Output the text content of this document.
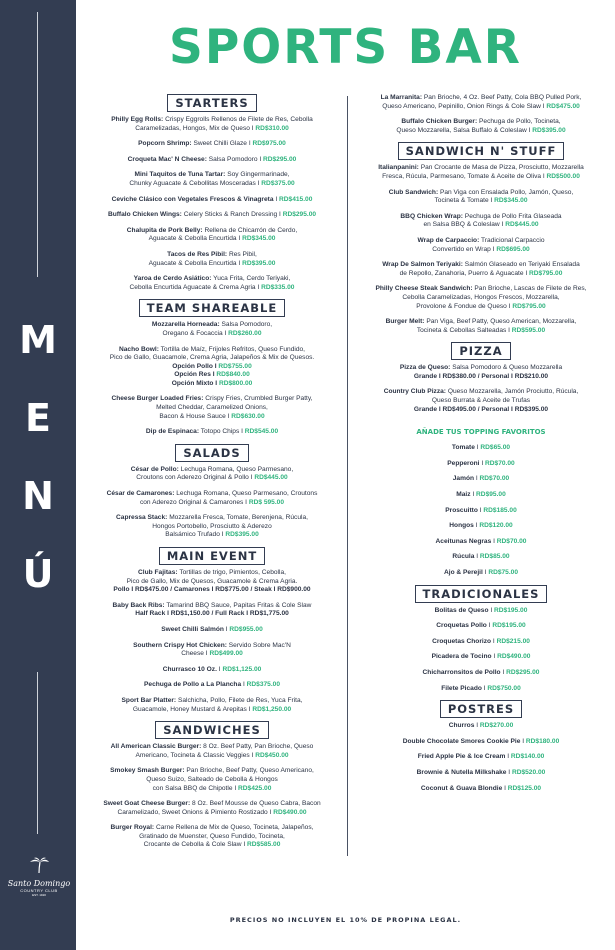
M
E
N
Ú
Santo Domingo
COUNTRY CLUB
EST. 1920
SPORTS BAR
STARTERS
Philly Egg Rolls: Crispy Eggrolls Rellenos de Filete de Res, Cebolla
Caramelizadas, Hongos, Mix de Queso I RD$310.00
Popcorn Shrimp: Sweet Chilli Glaze I RD$975.00
Croqueta Mac' N Cheese: Salsa Pomodoro I RD$295.00
Mini Taquitos de Tuna Tartar: Soy Gingermarinade,
Chunky Aguacate & Cebollitas Mosceradas I RD$375.00
Ceviche Clásico con Vegetales Frescos & Vinagreta I RD$415.00
Buffalo Chicken Wings: Celery Sticks & Ranch Dressing I RD$295.00
Chalupita de Pork Belly: Rellena de Chicarrón de Cerdo,
Aguacate & Cebolla Encurtida I RD$345.00
Tacos de Res Pibil: Res Pibil,
Aguacate & Cebolla Encurtida I RD$395.00
Yaroa de Cerdo Asiático: Yuca Frita, Cerdo Teriyaki,
Cebolla Encurtida Aguacate & Crema Agria I RD$335.00
TEAM SHAREABLE
Mozzarella Horneada: Salsa Pomodoro,
Oregano & Focaccia I RD$260.00
Nacho Bowl: Tortilla de Maíz, Frijoles Refritos, Queso Fundido,
Pico de Gallo, Guacamole, Crema Agria, Jalapeños & Mix de Quesos.
Opción Pollo I RD$755.00
Opción Res I RD$840.00
Opción Mixto I RD$800.00
Cheese Burger Loaded Fries: Crispy Fries, Crumbled Burger Patty,
Melted Cheddar, Caramelized Onions,
Bacon & House Sauce I RD$630.00
Dip de Espinaca: Totopo Chips I RD$545.00
SALADS
César de Pollo: Lechuga Romana, Queso Parmesano,
Croutons con Aderezo Original & Pollo I RD$445.00
César de Camarones: Lechuga Romana, Queso Parmesano, Croutons
con Aderezo Original & Camarones I RD$ 595.00
Capressa Stack: Mozzarella Fresca, Tomate, Berenjena, Rúcula,
Hongos Portobello, Prosciutto & Aderezo
Balsámico Trufado I RD$395.00
MAIN EVENT
Club Fajitas: Tortillas de trigo, Pimientos, Cebolla,
Pico de Gallo, Mix de Quesos, Guacamole & Crema Agria.
Pollo I RD$475.00 / Camarones I RD$775.00 / Steak I RD$900.00
Baby Back Ribs: Tamarind BBQ Sauce, Papitas Fritas & Cole Slaw
Half Rack I RD$1,150.00 / Full Rack I RD$1,775.00
Sweet Chilli Salmón I RD$955.00
Southern Crispy Hot Chicken: Servido Sobre Mac'N
Cheese I RD$499.00
Churrasco 10 Oz. I RD$1,125.00
Pechuga de Pollo a La Plancha I RD$375.00
Sport Bar Platter: Salchicha, Pollo, Filete de Res, Yuca Frita,
Guacamole, Honey Mustard & Arepitas I RD$1,250.00
SANDWICHES
All American Classic Burger: 8 Oz. Beef Patty, Pan Brioche, Queso
Americano, Tocineta & Classic Veggies I RD$450.00
Smokey Smash Burger: Pan Brioche, Beef Patty, Queso Americano,
Queso Suizo, Salteado de Cebolla & Hongos
con Salsa BBQ de Chipotle I RD$425.00
Sweet Goat Cheese Burger: 8 Oz. Beef Mousse de Queso Cabra, Bacon
Caramelizado, Sweet Onions & Pimiento Rostizado I RD$490.00
Burger Royal: Carne Rellena de Mix de Queso, Tocineta, Jalapeños,
Gratinado de Muenster, Queso Fundido, Tocineta,
Crocante de Cebolla & Cole Slaw I RD$585.00
La Marranita: Pan Brioche, 4 Oz. Beef Patty, Cola BBQ Pulled Pork,
Queso Americano, Pepinillo, Onion Rings & Cole Slaw I RD$475.00
Buffalo Chicken Burger: Pechuga de Pollo, Tocineta,
Queso Mozzarella, Salsa Buffalo & Coleslaw I RD$395.00
SANDWICH N' STUFF
Italianpanini: Pan Crocante de Masa de Pizza, Prosciutto, Mozzarella
Fresca, Rúcula, Parmesano, Tomate & Aceite de Oliva I RD$500.00
Club Sandwich: Pan Viga con Ensalada Pollo, Jamón, Queso,
Tocineta & Tomate I RD$345.00
BBQ Chicken Wrap: Pechuga de Pollo Frita Glaseada
en Salsa BBQ & Coleslaw I RD$445.00
Wrap de Carpaccio: Tradicional Carpaccio
Convertido en Wrap I RD$695.00
Wrap De Salmon Teriyaki: Salmón Glaseado en Teriyaki Ensalada
de Repollo, Zanahoria, Puerro & Aguacate I RD$795.00
Philly Cheese Steak Sandwich: Pan Brioche, Lascas de Filete de Res,
Cebolla Caramelizadas, Hongos Frescos, Mozzarella,
Provolone & Fondue de Queso I RD$795.00
Burger Melt: Pan Viga, Beef Patty, Queso American, Mozzarella,
Tocineta & Cebollas Salteadas I RD$595.00
PIZZA
Pizza de Queso: Salsa Pomodoro & Queso Mozzarella
Grande I RD$380.00 / Personal I RD$210.00
Country Club Pizza: Queso Mozzarella, Jamón Prociutto, Rúcula,
Queso Burrata & Aceite de Trufas
Grande I RD$495.00 / Personal I RD$395.00
AÑADE TUS TOPPING FAVORITOS
Tomate I RD$65.00
Pepperoni I RD$70.00
Jamón I RD$70.00
Maiz I RD$95.00
Proscuitto I RD$185.00
Hongos I RD$120.00
Aceitunas Negras I RD$70.00
Rúcula I RD$85.00
Ajo & Perejil I RD$75.00
TRADICIONALES
Bolitas de Queso I RD$195.00
Croquetas Pollo I RD$195.00
Croquetas Chorizo I RD$215.00
Picadera de Tocino I RD$490.00
Chicharronsitos de Pollo I RD$295.00
Filete Picado I RD$750.00
POSTRES
Churros I RD$270.00
Double Chocolate Smores Cookie Pie I RD$180.00
Fried Apple Pie & Ice Cream I RD$140.00
Brownie & Nutella Milkshake I RD$520.00
Coconut & Guava Blondie I RD$125.00
PRECIOS NO INCLUYEN EL 10% DE PROPINA LEGAL.
